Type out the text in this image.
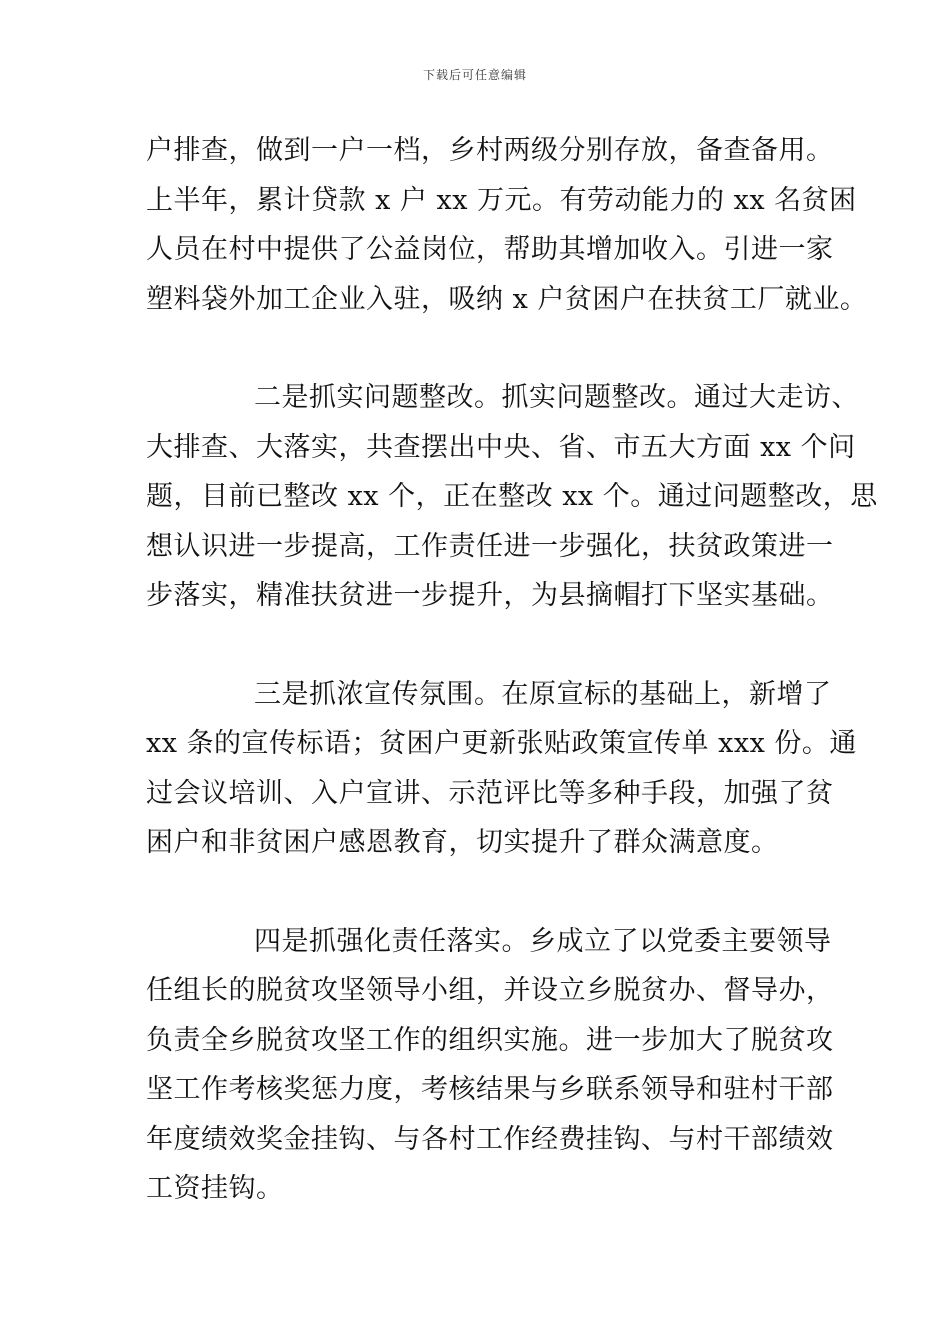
下载后可任意编辑
户排查，做到一户一档，乡村两级分别存放，备查备用。
上半年，累计贷款 x 户 xx 万元。有劳动能力的 xx 名贫困
人员在村中提供了公益岗位，帮助其增加收入。引进一家
塑料袋外加工企业入驻，吸纳 x 户贫困户在扶贫工厂就业。
二是抓实问题整改。抓实问题整改。通过大走访、
大排查、大落实，共查摆出中央、省、市五大方面 xx 个问
题，目前已整改 xx 个，正在整改 xx 个。通过问题整改，思
想认识进一步提高，工作责任进一步强化，扶贫政策进一
步落实，精准扶贫进一步提升，为县摘帽打下坚实基础。
三是抓浓宣传氛围。在原宣标的基础上，新增了
xx 条的宣传标语；贫困户更新张贴政策宣传单 xxx 份。通
过会议培训、入户宣讲、示范评比等多种手段，加强了贫
困户和非贫困户感恩教育，切实提升了群众满意度。
四是抓强化责任落实。乡成立了以党委主要领导
任组长的脱贫攻坚领导小组，并设立乡脱贫办、督导办，
负责全乡脱贫攻坚工作的组织实施。进一步加大了脱贫攻
坚工作考核奖惩力度，考核结果与乡联系领导和驻村干部
年度绩效奖金挂钩、与各村工作经费挂钩、与村干部绩效
工资挂钩。
